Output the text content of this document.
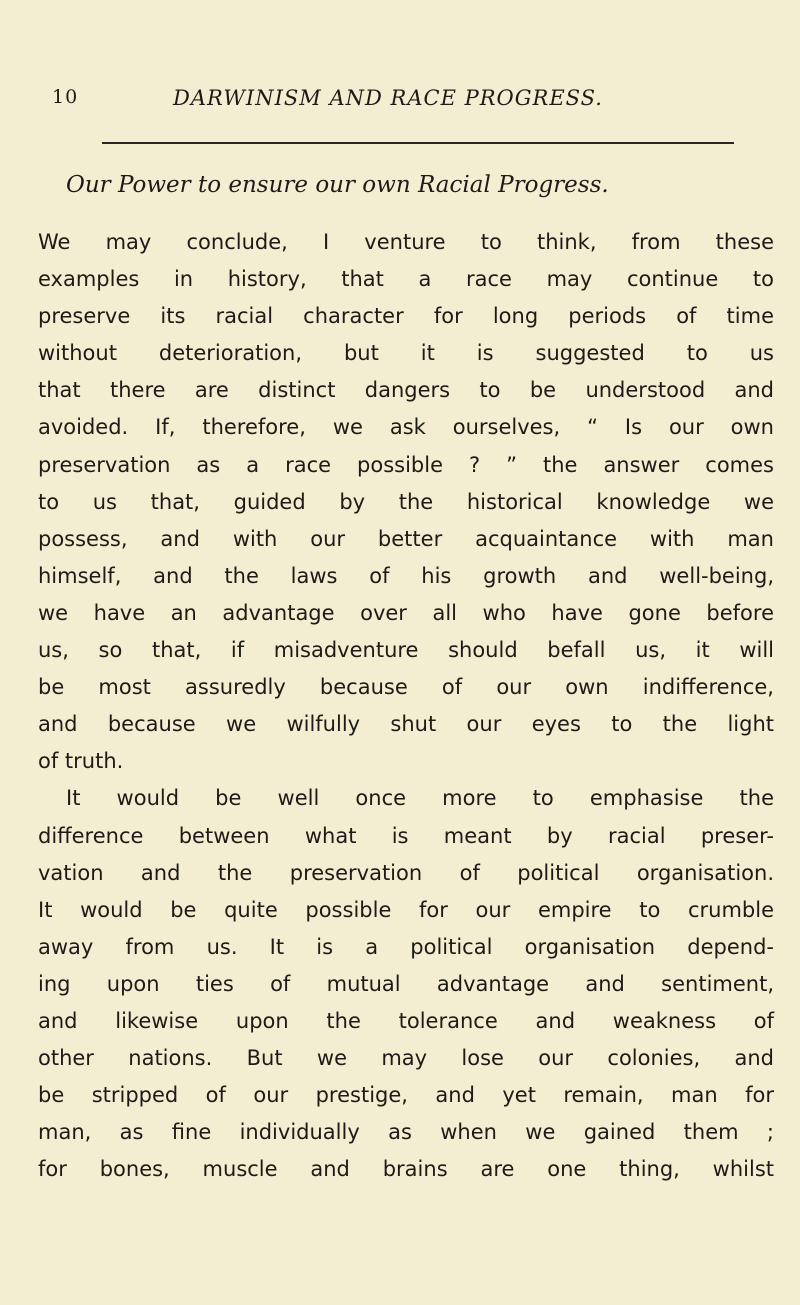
10	DARWINISM AND RACE PROGRESS.
Our Power to ensure our own Racial Progress.
We may conclude, I venture to think, from these
examples in history, that a race may continue to
preserve its racial character for long periods of time
without deterioration, but it is suggested to us
that there are distinct dangers to be understood and
avoided. If, therefore, we ask ourselves, “ Is our own
preservation as a race possible ? ” the answer comes
to us that, guided by the historical knowledge we
possess, and with our better acquaintance with man
himself, and the laws of his growth and well-being,
we have an advantage over all who have gone before
us, so that, if misadventure should befall us, it will
be most assuredly because of our own indifference,
and because we wilfully shut our eyes to the light
of truth.
It would be well once more to emphasise the
difference between what is meant by racial preser-
vation and the preservation of political organisation.
It would be quite possible for our empire to crumble
away from us. It is a political organisation depend-
ing upon ties of mutual advantage and sentiment,
and likewise upon the tolerance and weakness of
other nations. But we may lose our colonies, and
be stripped of our prestige, and yet remain, man for
man, as fine individually as when we gained them ;
for bones, muscle and brains are one thing, whilst
